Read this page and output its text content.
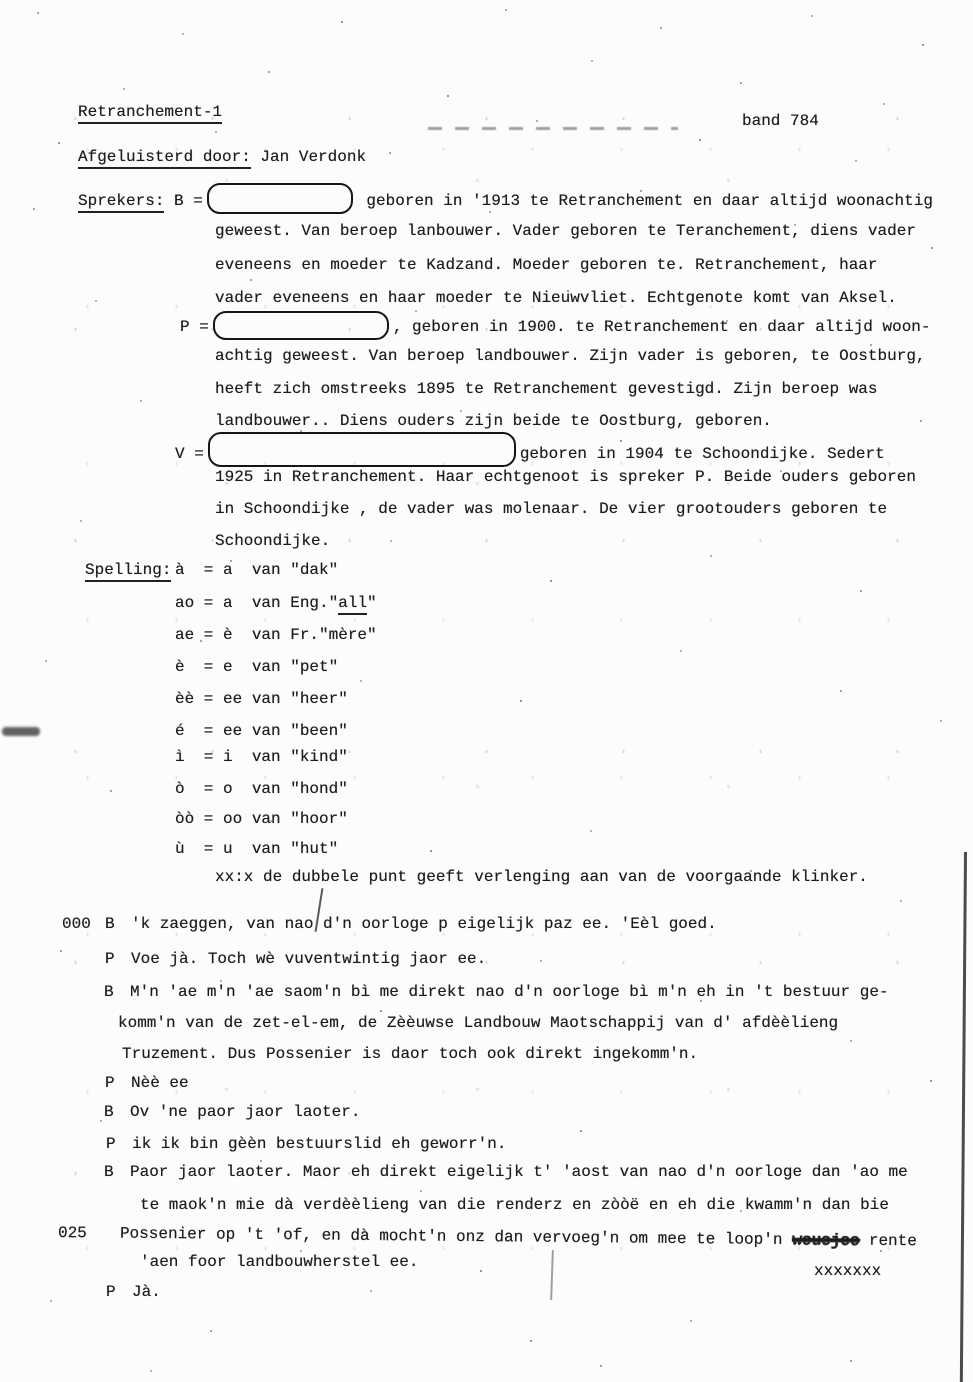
Retranchement-1	band 784
Afgeluisterd door: Jan Verdonk
Sprekers: B =	geboren in '1913 te Retranchement en daar altijd woonachtig
geweest. Van beroep lanbouwer. Vader geboren te Teranchement, diens vader
eveneens en moeder te Kadzand. Moeder geboren te. Retranchement, haar
vader eveneens en haar moeder te Nieuwvliet. Echtgenote komt van Aksel.
P =	, geboren in 1900. te Retranchement en daar altijd woon-
achtig geweest. Van beroep landbouwer. Zijn vader is geboren, te Oostburg,
heeft zich omstreeks 1895 te Retranchement gevestigd. Zijn beroep was
landbouwer.. Diens ouders zijn beide te Oostburg, geboren.
V =	geboren in 1904 te Schoondijke. Sedert
1925 in Retranchement. Haar echtgenoot is spreker P. Beide ouders geboren
in Schoondijke , de vader was molenaar. De vier grootouders geboren te
Schoondijke.
Spelling: à  = a  van "dak"
ao = a  van Eng."all"
ae = è  van Fr."mère"
è  = e  van "pet"
èè = ee van "heer"
é  = ee van "been"
ì  = i  van "kind"
ò  = o  van "hond"
òò = oo van "hoor"
ù  = u  van "hut"
xx:x de dubbele punt geeft verlenging aan van de voorgaande klinker.
000 B 'k zaeggen, van nao d'n oorloge p eigelijk paz ee. 'Eèl goed.
P Voe jà. Toch wè vuventwintig jaor ee.
B M'n 'ae m'n 'ae saom'n bì me direkt nao d'n oorloge bì m'n eh in 't bestuur ge-
komm'n van de zet-el-em, de Zèèuwse Landbouw Maotschappij van d' afdèèlieng
Truzement. Dus Possenier is daor toch ook direkt ingekomm'n.
P Nèè ee
B Ov 'ne paor jaor laoter.
P ik ik bin gèèn bestuurslid eh geworr'n.
B Paor jaor laoter. Maor eh direkt eigelijk t' 'aost van nao d'n oorloge dan 'ao me
te maok'n mie dà verdèèlieng van die renderz en zòòë en eh die kwamm'n dan bie
025 Possenier op 't 'of, en dà mocht'n onz dan vervoeg'n om mee te loop'n wouejee rente
'aen foor landbouwherstel ee.	xxxxxxx
P Jà.
